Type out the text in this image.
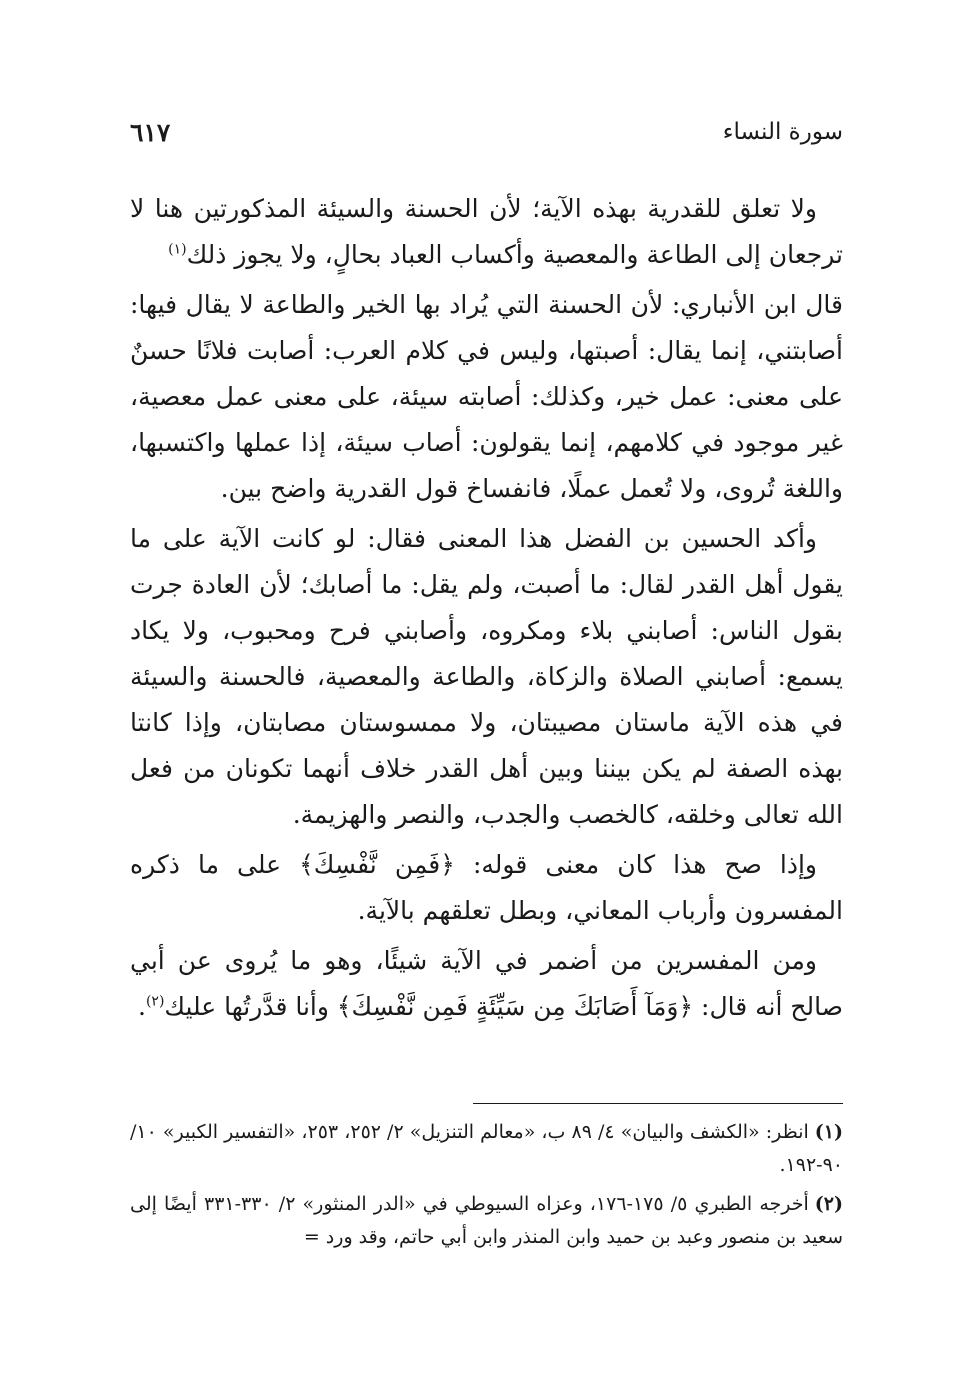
سورة النساء
٦١٧

ولا تعلق للقدرية بهذه الآية؛ لأن الحسنة والسيئة المذكورتين هنا لا ترجعان إلى الطاعة والمعصية وأكساب العباد بحالٍ، ولا يجوز ذلك$^{(١)}$

قال ابن الأنباري: لأن الحسنة التي يُراد بها الخير والطاعة لا يقال فيها: أصابتني، إنما يقال: أصبتها، وليس في كلام العرب: أصابت فلانًا حسنٌ على معنى: عمل خير، وكذلك: أصابته سيئة، على معنى عمل معصية، غير موجود في كلامهم، إنما يقولون: أصاب سيئة، إذا عملها واكتسبها، واللغة تُروى، ولا تُعمل عملًا، فانفساخ قول القدرية واضح بين.

وأكد الحسين بن الفضل هذا المعنى فقال: لو كانت الآية على ما يقول أهل القدر لقال: ما أصبت، ولم يقل: ما أصابك؛ لأن العادة جرت بقول الناس: أصابني بلاء ومكروه، وأصابني فرح ومحبوب، ولا يكاد يسمع: أصابني الصلاة والزكاة، والطاعة والمعصية، فالحسنة والسيئة في هذه الآية ماستان مصيبتان، ولا ممسوستان مصابتان، وإذا كانتا بهذه الصفة لم يكن بيننا وبين أهل القدر خلاف أنهما تكونان من فعل الله تعالى وخلقه، كالخصب والجدب، والنصر والهزيمة.

وإذا صح هذا كان معنى قوله: ﴿فَمِن نَّفْسِكَ﴾ على ما ذكره المفسرون وأرباب المعاني، وبطل تعلقهم بالآية.

ومن المفسرين من أضمر في الآية شيئًا، وهو ما يُروى عن أبي صالح أنه قال: ﴿وَمَآ أَصَابَكَ مِن سَيِّئَةٍ فَمِن نَّفْسِكَ﴾ وأنا قدَّرتُها عليك$^{(٢)}$.

(١)انظر: «الكشف والبيان» ٤/ ٨٩ ب، «معالم التنزيل» ٢/ ٢٥٢، ٢٥٣، «التفسير الكبير» ١٠/ ٩٠-١٩٢.

(٢)أخرجه الطبري ٥/ ١٧٥-١٧٦، وعزاه السيوطي في «الدر المنثور» ٢/ ٣٣٠-٣٣١ أيضًا إلى سعيد بن منصور وعبد بن حميد وابن المنذر وابن أبي حاتم، وقد ورد =
